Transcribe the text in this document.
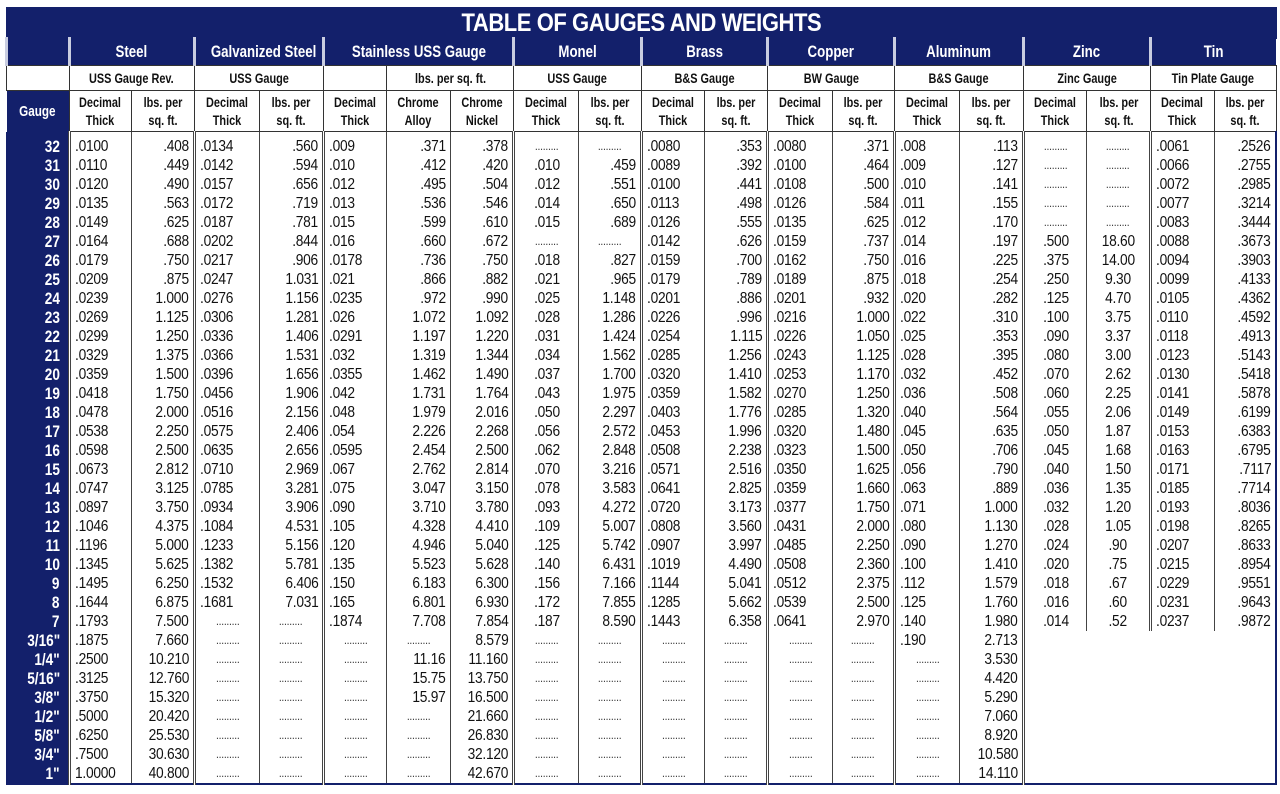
TABLE OF GAUGES AND WEIGHTS																			
	Steel		Galvanized Steel		Stainless USS Gauge			Monel		Brass		Copper		Aluminum		Zinc		Tin	
	USS Gauge Rev.		USS Gauge			lbs. per sq. ft.		USS Gauge		B&S Gauge		BW Gauge		B&S Gauge		Zinc Gauge		Tin Plate Gauge	
Gauge	Decimal Thick	lbs. per sq. ft.	Decimal Thick	lbs. per sq. ft.	Decimal Thick	Chrome Alloy	Chrome Nickel	Decimal Thick	lbs. per sq. ft.	Decimal Thick	lbs. per sq. ft.	Decimal Thick	lbs. per sq. ft.	Decimal Thick	lbs. per sq. ft.	Decimal Thick	lbs. per sq. ft.	Decimal Thick	lbs. per sq. ft.
32	.0100	.408	.0134	.560	.009	.371	.378	.........	.........	.0080	.353	.0080	.371	.008	.113	.........	.........	.0061	.2526
31	.0110	.449	.0142	.594	.010	.412	.420	.010	.459	.0089	.392	.0100	.464	.009	.127	.........	.........	.0066	.2755
30	.0120	.490	.0157	.656	.012	.495	.504	.012	.551	.0100	.441	.0108	.500	.010	.141	.........	.........	.0072	.2985
29	.0135	.563	.0172	.719	.013	.536	.546	.014	.650	.0113	.498	.0126	.584	.011	.155	.........	.........	.0077	.3214
28	.0149	.625	.0187	.781	.015	.599	.610	.015	.689	.0126	.555	.0135	.625	.012	.170	.........	.........	.0083	.3444
27	.0164	.688	.0202	.844	.016	.660	.672	.........	.........	.0142	.626	.0159	.737	.014	.197	.500	18.60	.0088	.3673
26	.0179	.750	.0217	.906	.0178	.736	.750	.018	.827	.0159	.700	.0162	.750	.016	.225	.375	14.00	.0094	.3903
25	.0209	.875	.0247	1.031	.021	.866	.882	.021	.965	.0179	.789	.0189	.875	.018	.254	.250	9.30	.0099	.4133
24	.0239	1.000	.0276	1.156	.0235	.972	.990	.025	1.148	.0201	.886	.0201	.932	.020	.282	.125	4.70	.0105	.4362
23	.0269	1.125	.0306	1.281	.026	1.072	1.092	.028	1.286	.0226	.996	.0216	1.000	.022	.310	.100	3.75	.0110	.4592
22	.0299	1.250	.0336	1.406	.0291	1.197	1.220	.031	1.424	.0254	1.115	.0226	1.050	.025	.353	.090	3.37	.0118	.4913
21	.0329	1.375	.0366	1.531	.032	1.319	1.344	.034	1.562	.0285	1.256	.0243	1.125	.028	.395	.080	3.00	.0123	.5143
20	.0359	1.500	.0396	1.656	.0355	1.462	1.490	.037	1.700	.0320	1.410	.0253	1.170	.032	.452	.070	2.62	.0130	.5418
19	.0418	1.750	.0456	1.906	.042	1.731	1.764	.043	1.975	.0359	1.582	.0270	1.250	.036	.508	.060	2.25	.0141	.5878
18	.0478	2.000	.0516	2.156	.048	1.979	2.016	.050	2.297	.0403	1.776	.0285	1.320	.040	.564	.055	2.06	.0149	.6199
17	.0538	2.250	.0575	2.406	.054	2.226	2.268	.056	2.572	.0453	1.996	.0320	1.480	.045	.635	.050	1.87	.0153	.6383
16	.0598	2.500	.0635	2.656	.0595	2.454	2.500	.062	2.848	.0508	2.238	.0323	1.500	.050	.706	.045	1.68	.0163	.6795
15	.0673	2.812	.0710	2.969	.067	2.762	2.814	.070	3.216	.0571	2.516	.0350	1.625	.056	.790	.040	1.50	.0171	.7117
14	.0747	3.125	.0785	3.281	.075	3.047	3.150	.078	3.583	.0641	2.825	.0359	1.660	.063	.889	.036	1.35	.0185	.7714
13	.0897	3.750	.0934	3.906	.090	3.710	3.780	.093	4.272	.0720	3.173	.0377	1.750	.071	1.000	.032	1.20	.0193	.8036
12	.1046	4.375	.1084	4.531	.105	4.328	4.410	.109	5.007	.0808	3.560	.0431	2.000	.080	1.130	.028	1.05	.0198	.8265
11	.1196	5.000	.1233	5.156	.120	4.946	5.040	.125	5.742	.0907	3.997	.0485	2.250	.090	1.270	.024	.90	.0207	.8633
10	.1345	5.625	.1382	5.781	.135	5.523	5.628	.140	6.431	.1019	4.490	.0508	2.360	.100	1.410	.020	.75	.0215	.8954
9	.1495	6.250	.1532	6.406	.150	6.183	6.300	.156	7.166	.1144	5.041	.0512	2.375	.112	1.579	.018	.67	.0229	.9551
8	.1644	6.875	.1681	7.031	.165	6.801	6.930	.172	7.855	.1285	5.662	.0539	2.500	.125	1.760	.016	.60	.0231	.9643
7	.1793	7.500	.........	.........	.1874	7.708	7.854	.187	8.590	.1443	6.358	.0641	2.970	.140	1.980	.014	.52	.0237	.9872
3/16"	.1875	7.660	.........	.........	.........	.........	8.579	.........	.........	.........	.........	.........	.........	.190	2.713				
1/4"	.2500	10.210	.........	.........	.........	11.16	11.160	.........	.........	.........	.........	.........	.........	.........	3.530				
5/16"	.3125	12.760	.........	.........	.........	15.75	13.750	.........	.........	.........	.........	.........	.........	.........	4.420				
3/8"	.3750	15.320	.........	.........	.........	15.97	16.500	.........	.........	.........	.........	.........	.........	.........	5.290				
1/2"	.5000	20.420	.........	.........	.........	.........	21.660	.........	.........	.........	.........	.........	.........	.........	7.060				
5/8"	.6250	25.530	.........	.........	.........	.........	26.830	.........	.........	.........	.........	.........	.........	.........	8.920				
3/4"	.7500	30.630	.........	.........	.........	.........	32.120	.........	.........	.........	.........	.........	.........	.........	10.580				
1"	1.0000	40.800	.........	.........	.........	.........	42.670	.........	.........	.........	.........	.........	.........	.........	14.110				
